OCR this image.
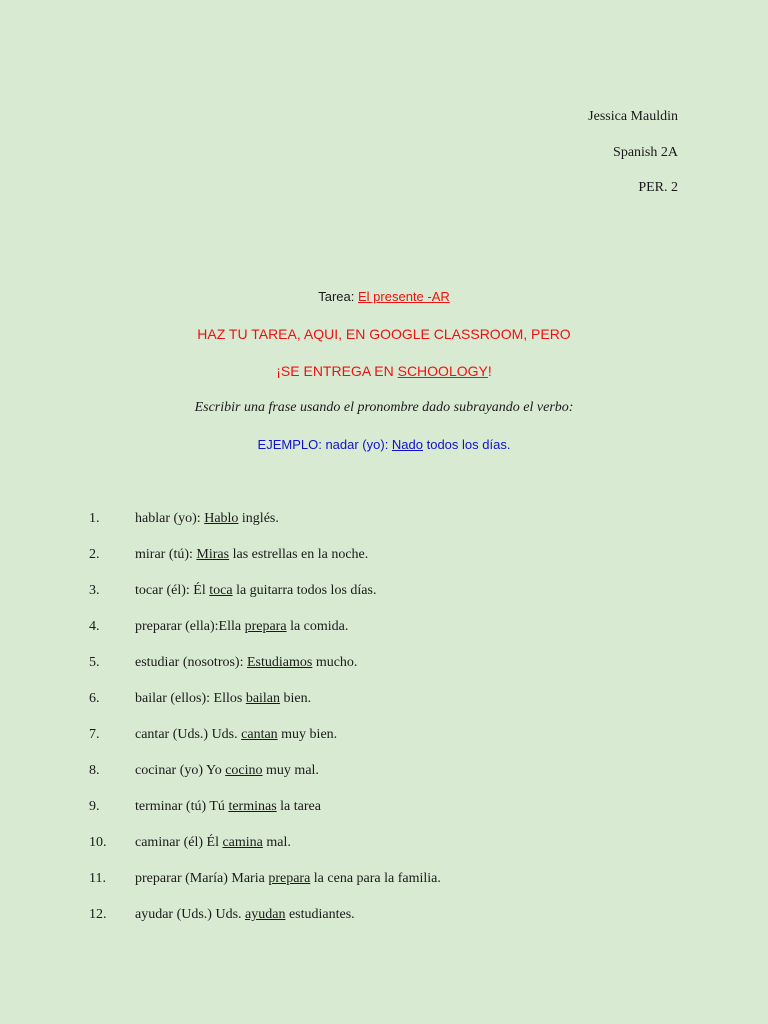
Jessica Mauldin
Spanish 2A
PER. 2
Tarea: El presente -AR
HAZ TU TAREA, AQUI, EN GOOGLE CLASSROOM, PERO
¡SE ENTREGA EN SCHOOLOGY!
Escribir una frase usando el pronombre dado subrayando el verbo:
EJEMPLO: nadar (yo): Nado todos los días.
1.	hablar (yo): Hablo inglés.
2.	mirar (tú): Miras las estrellas en la noche.
3.	tocar (él): Él toca la guitarra todos los días.
4.	preparar (ella):Ella prepara la comida.
5.	estudiar (nosotros): Estudiamos mucho.
6.	bailar (ellos): Ellos bailan bien.
7.	cantar (Uds.) Uds. cantan muy bien.
8.	cocinar (yo) Yo cocino muy mal.
9.	terminar (tú) Tú terminas la tarea
10.	caminar (él) Él camina mal.
11.	preparar (María) Maria prepara la cena para la familia.
12.	ayudar (Uds.) Uds. ayudan estudiantes.
